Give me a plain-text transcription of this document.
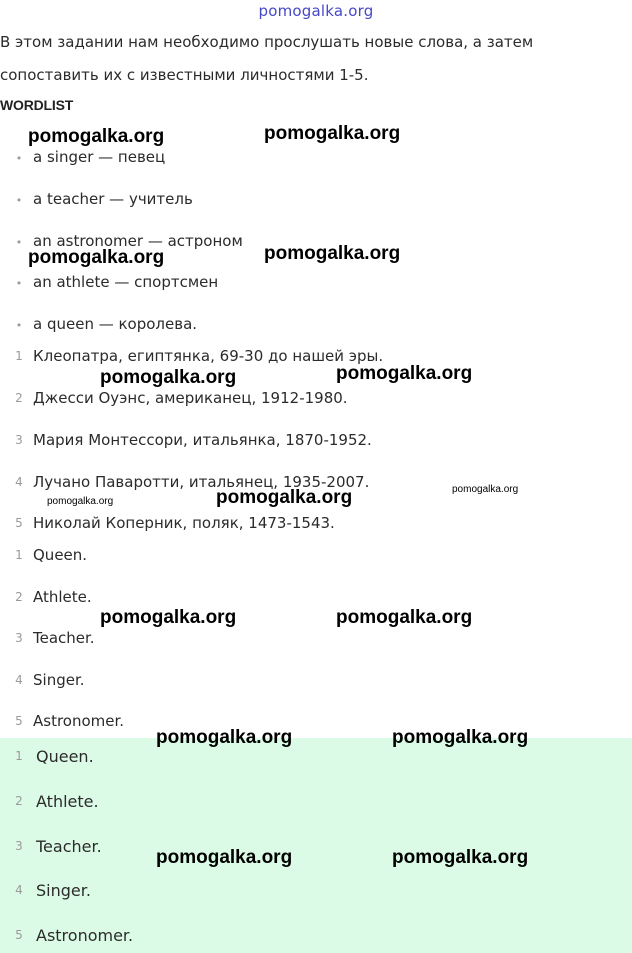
pomogalka.org
В этом задании нам необходимо прослушать новые слова, а затем
сопоставить их с известными личностями 1-5.
WORDLIST
• a singer — певец
• a teacher — учитель
• an astronomer — астроном
• an athlete — спортсмен
• a queen — королева.
1 Клеопатра, египтянка, 69-30 до нашей эры.
2 Джесси Оуэнс, американец, 1912-1980.
3 Мария Монтессори, итальянка, 1870-1952.
4 Лучано Паваротти, итальянец, 1935-2007.
5 Николай Коперник, поляк, 1473-1543.
1 Queen.
2 Athlete.
3 Teacher.
4 Singer.
5 Astronomer.
1 Queen.
2 Athlete.
3 Teacher.
4 Singer.
5 Astronomer.
pomogalka.org	pomogalka.org
pomogalka.org	pomogalka.org
pomogalka.org	pomogalka.org
pomogalka.org
pomogalka.org
pomogalka.org
pomogalka.org	pomogalka.org
pomogalka.org	pomogalka.org
pomogalka.org	pomogalka.org
